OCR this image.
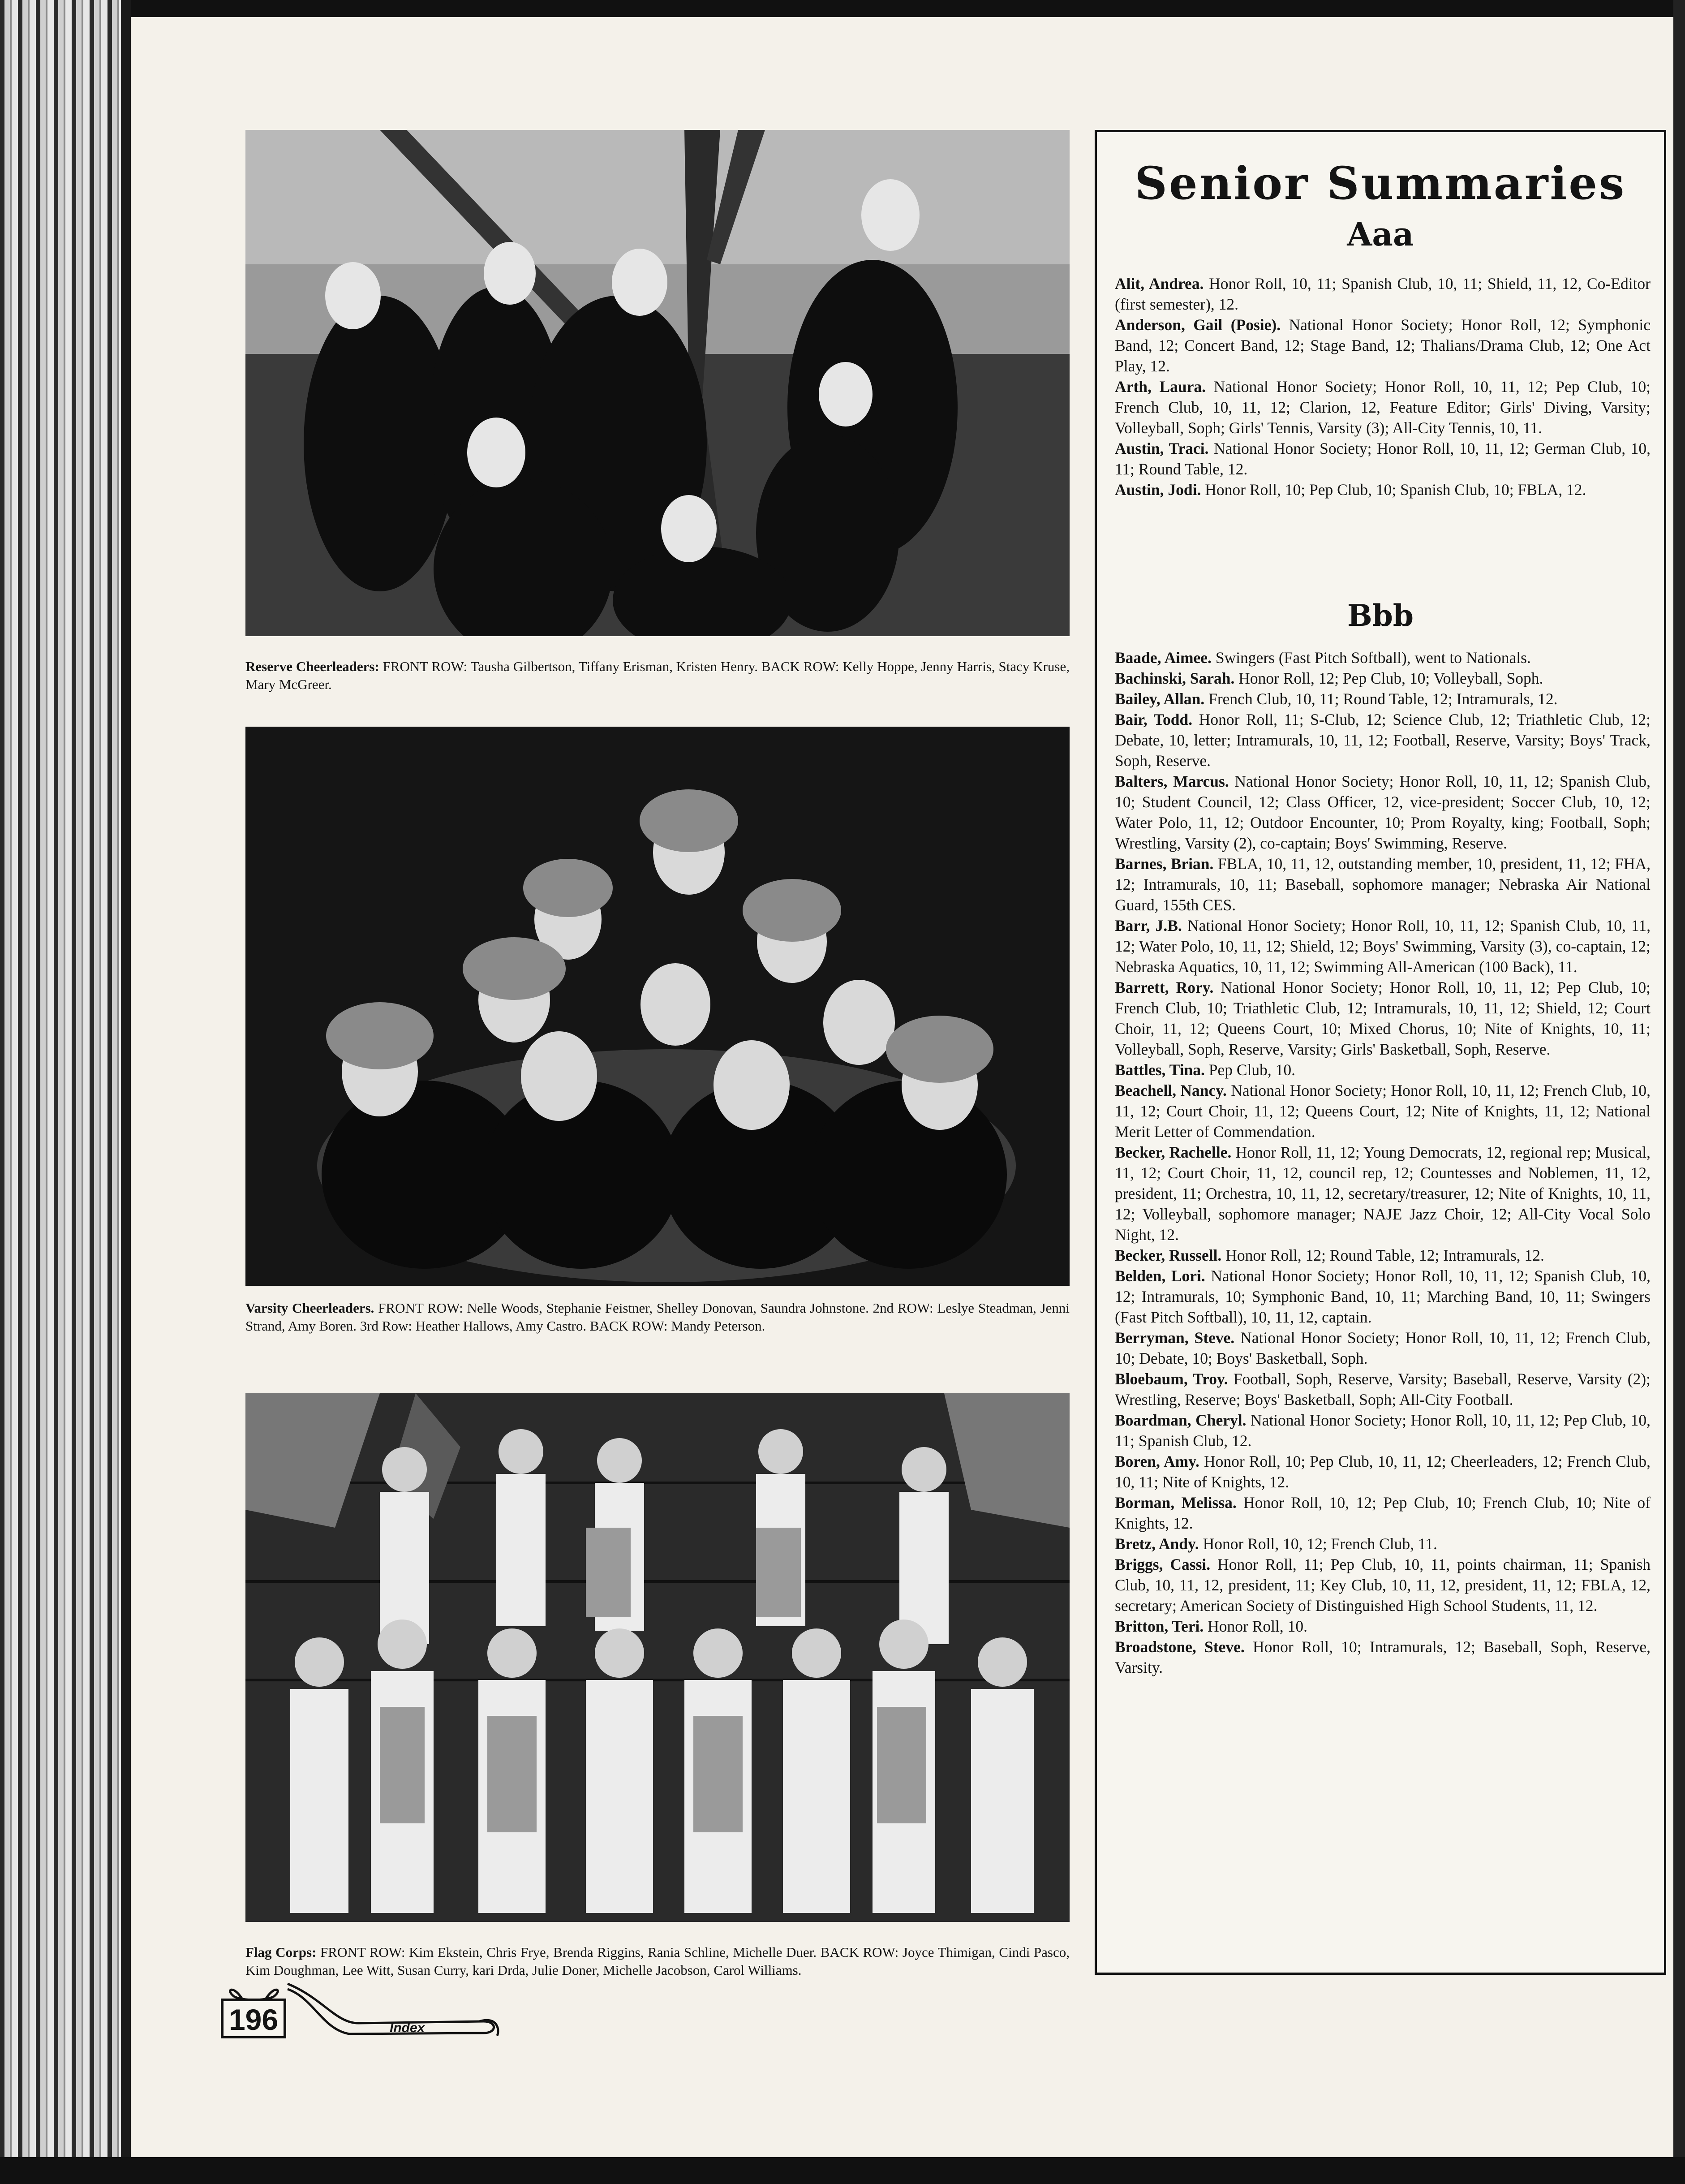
Reserve Cheerleaders: FRONT ROW: Tausha Gilbertson, Tiffany Erisman, Kristen Henry. BACK ROW: Kelly Hoppe, Jenny Harris, Stacy Kruse, Mary McGreer.
Varsity Cheerleaders. FRONT ROW: Nelle Woods, Stephanie Feistner, Shelley Donovan, Saundra Johnstone. 2nd ROW: Leslye Steadman, Jenni Strand, Amy Boren. 3rd Row: Heather Hallows, Amy Castro. BACK ROW: Mandy Peterson.
Flag Corps: FRONT ROW: Kim Ekstein, Chris Frye, Brenda Riggins, Rania Schline, Michelle Duer. BACK ROW: Joyce Thimigan, Cindi Pasco, Kim Doughman, Lee Witt, Susan Curry, kari Drda, Julie Doner, Michelle Jacobson, Carol Williams.
Senior Summaries
Aaa

Alit, Andrea. Honor Roll, 10, 11; Spanish Club, 10, 11; Shield, 11, 12, Co-Editor (first semester), 12.

Anderson, Gail (Posie). National Honor Society; Honor Roll, 12; Symphonic Band, 12; Concert Band, 12; Stage Band, 12; Thalians/Drama Club, 12; One Act Play, 12.

Arth, Laura. National Honor Society; Honor Roll, 10, 11, 12; Pep Club, 10; French Club, 10, 11, 12; Clarion, 12, Feature Editor; Girls' Diving, Varsity; Volleyball, Soph; Girls' Tennis, Varsity (3); All-City Tennis, 10, 11.

Austin, Traci. National Honor Society; Honor Roll, 10, 11, 12; German Club, 10, 11; Round Table, 12.

Austin, Jodi. Honor Roll, 10; Pep Club, 10; Spanish Club, 10; FBLA, 12.

Bbb

Baade, Aimee. Swingers (Fast Pitch Softball), went to Nationals.

Bachinski, Sarah. Honor Roll, 12; Pep Club, 10; Volleyball, Soph.

Bailey, Allan. French Club, 10, 11; Round Table, 12; Intramurals, 12.

Bair, Todd. Honor Roll, 11; S-Club, 12; Science Club, 12; Triathletic Club, 12; Debate, 10, letter; Intramurals, 10, 11, 12; Football, Reserve, Varsity; Boys' Track, Soph, Reserve.

Balters, Marcus. National Honor Society; Honor Roll, 10, 11, 12; Spanish Club, 10; Student Council, 12; Class Officer, 12, vice-president; Soccer Club, 10, 12; Water Polo, 11, 12; Outdoor Encounter, 10; Prom Royalty, king; Football, Soph; Wrestling, Varsity (2), co-captain; Boys' Swimming, Reserve.

Barnes, Brian. FBLA, 10, 11, 12, outstanding member, 10, president, 11, 12; FHA, 12; Intramurals, 10, 11; Baseball, sophomore manager; Nebraska Air National Guard, 155th CES.

Barr, J.B. National Honor Society; Honor Roll, 10, 11, 12; Spanish Club, 10, 11, 12; Water Polo, 10, 11, 12; Shield, 12; Boys' Swimming, Varsity (3), co-captain, 12; Nebraska Aquatics, 10, 11, 12; Swimming All-American (100 Back), 11.

Barrett, Rory. National Honor Society; Honor Roll, 10, 11, 12; Pep Club, 10; French Club, 10; Triathletic Club, 12; Intramurals, 10, 11, 12; Shield, 12; Court Choir, 11, 12; Queens Court, 10; Mixed Chorus, 10; Nite of Knights, 10, 11; Volleyball, Soph, Reserve, Varsity; Girls' Basketball, Soph, Reserve.

Battles, Tina. Pep Club, 10.

Beachell, Nancy. National Honor Society; Honor Roll, 10, 11, 12; French Club, 10, 11, 12; Court Choir, 11, 12; Queens Court, 12; Nite of Knights, 11, 12; National Merit Letter of Commendation.

Becker, Rachelle. Honor Roll, 11, 12; Young Democrats, 12, regional rep; Musical, 11, 12; Court Choir, 11, 12, council rep, 12; Countesses and Noblemen, 11, 12, president, 11; Orchestra, 10, 11, 12, secretary/treasurer, 12; Nite of Knights, 10, 11, 12; Volleyball, sophomore manager; NAJE Jazz Choir, 12; All-City Vocal Solo Night, 12.

Becker, Russell. Honor Roll, 12; Round Table, 12; Intramurals, 12.

Belden, Lori. National Honor Society; Honor Roll, 10, 11, 12; Spanish Club, 10, 12; Intramurals, 10; Symphonic Band, 10, 11; Marching Band, 10, 11; Swingers (Fast Pitch Softball), 10, 11, 12, captain.

Berryman, Steve. National Honor Society; Honor Roll, 10, 11, 12; French Club, 10; Debate, 10; Boys' Basketball, Soph.

Bloebaum, Troy. Football, Soph, Reserve, Varsity; Baseball, Reserve, Varsity (2); Wrestling, Reserve; Boys' Basketball, Soph; All-City Football.

Boardman, Cheryl. National Honor Society; Honor Roll, 10, 11, 12; Pep Club, 10, 11; Spanish Club, 12.

Boren, Amy. Honor Roll, 10; Pep Club, 10, 11, 12; Cheerleaders, 12; French Club, 10, 11; Nite of Knights, 12.

Borman, Melissa. Honor Roll, 10, 12; Pep Club, 10; French Club, 10; Nite of Knights, 12.

Bretz, Andy. Honor Roll, 10, 12; French Club, 11.

Briggs, Cassi. Honor Roll, 11; Pep Club, 10, 11, points chairman, 11; Spanish Club, 10, 11, 12, president, 11; Key Club, 10, 11, 12, president, 11, 12; FBLA, 12, secretary; American Society of Distinguished High School Students, 11, 12.

Britton, Teri. Honor Roll, 10.

Broadstone, Steve. Honor Roll, 10; Intramurals, 12; Baseball, Soph, Reserve, Varsity.

196	Index
